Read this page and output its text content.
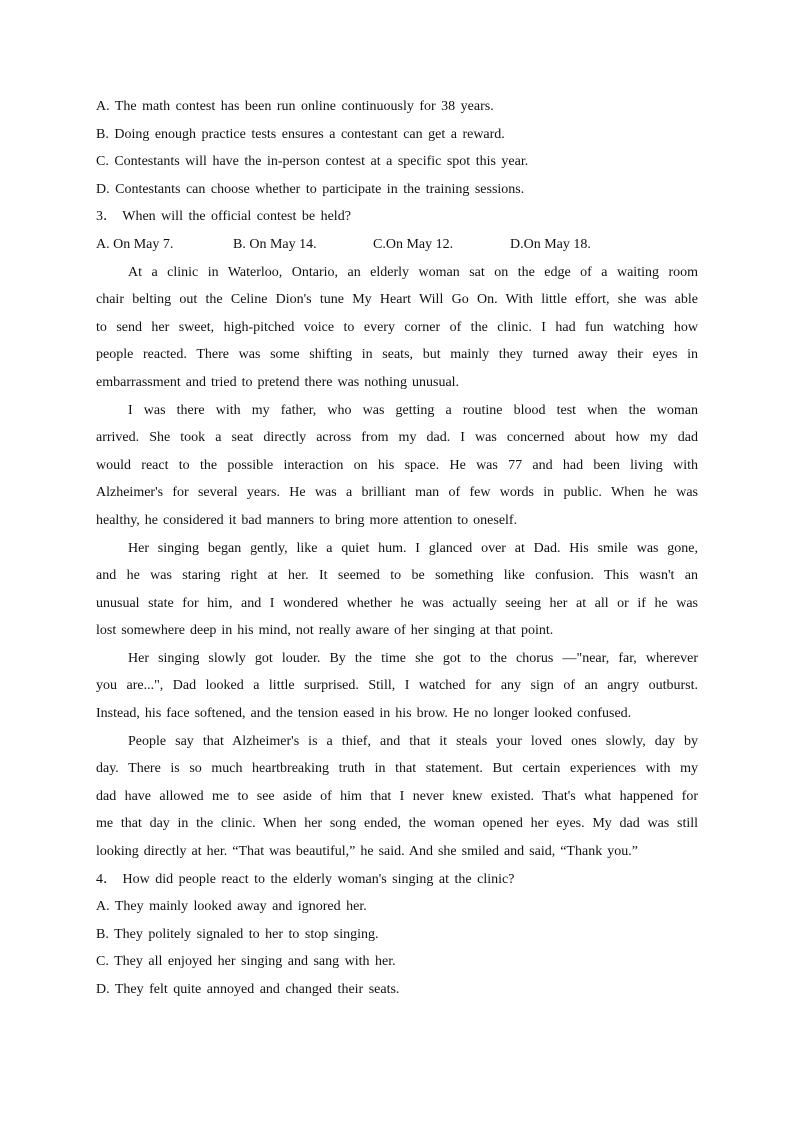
A. The math contest has been run online continuously for 38 years.
B. Doing enough practice tests ensures a contestant can get a reward.
C. Contestants will have the in-person contest at a specific spot this year.
D. Contestants can choose whether to participate in the training sessions.
3． When will the official contest be held?
A. On May 7.	B. On May 14.	C.On May 12.	D.On May 18.

At a clinic in Waterloo, Ontario, an elderly woman sat on the edge of a waiting room
chair belting out the Celine Dion's tune My Heart Will Go On. With little effort, she was able
to send her sweet, high-pitched voice to every corner of the clinic. I had fun watching how
people reacted. There was some shifting in seats, but mainly they turned away their eyes in
embarrassment and tried to pretend there was nothing unusual.

I was there with my father, who was getting a routine blood test when the woman
arrived. She took a seat directly across from my dad. I was concerned about how my dad
would react to the possible interaction on his space. He was 77 and had been living with
Alzheimer's for several years. He was a brilliant man of few words in public. When he was
healthy, he considered it bad manners to bring more attention to oneself.

Her singing began gently, like a quiet hum. I glanced over at Dad. His smile was gone,
and he was staring right at her. It seemed to be something like confusion. This wasn't an
unusual state for him, and I wondered whether he was actually seeing her at all or if he was
lost somewhere deep in his mind, not really aware of her singing at that point.

Her singing slowly got louder. By the time she got to the chorus —"near, far, wherever
you are...", Dad looked a little surprised. Still, I watched for any sign of an angry outburst.
Instead, his face softened, and the tension eased in his brow. He no longer looked confused.

People say that Alzheimer's is a thief, and that it steals your loved ones slowly, day by
day. There is so much heartbreaking truth in that statement. But certain experiences with my
dad have allowed me to see aside of him that I never knew existed. That's what happened for
me that day in the clinic. When her song ended, the woman opened her eyes. My dad was still
looking directly at her. “That was beautiful,” he said. And she smiled and said, “Thank you.”

4． How did people react to the elderly woman's singing at the clinic?
A. They mainly looked away and ignored her.
B. They politely signaled to her to stop singing.
C. They all enjoyed her singing and sang with her.
D. They felt quite annoyed and changed their seats.
